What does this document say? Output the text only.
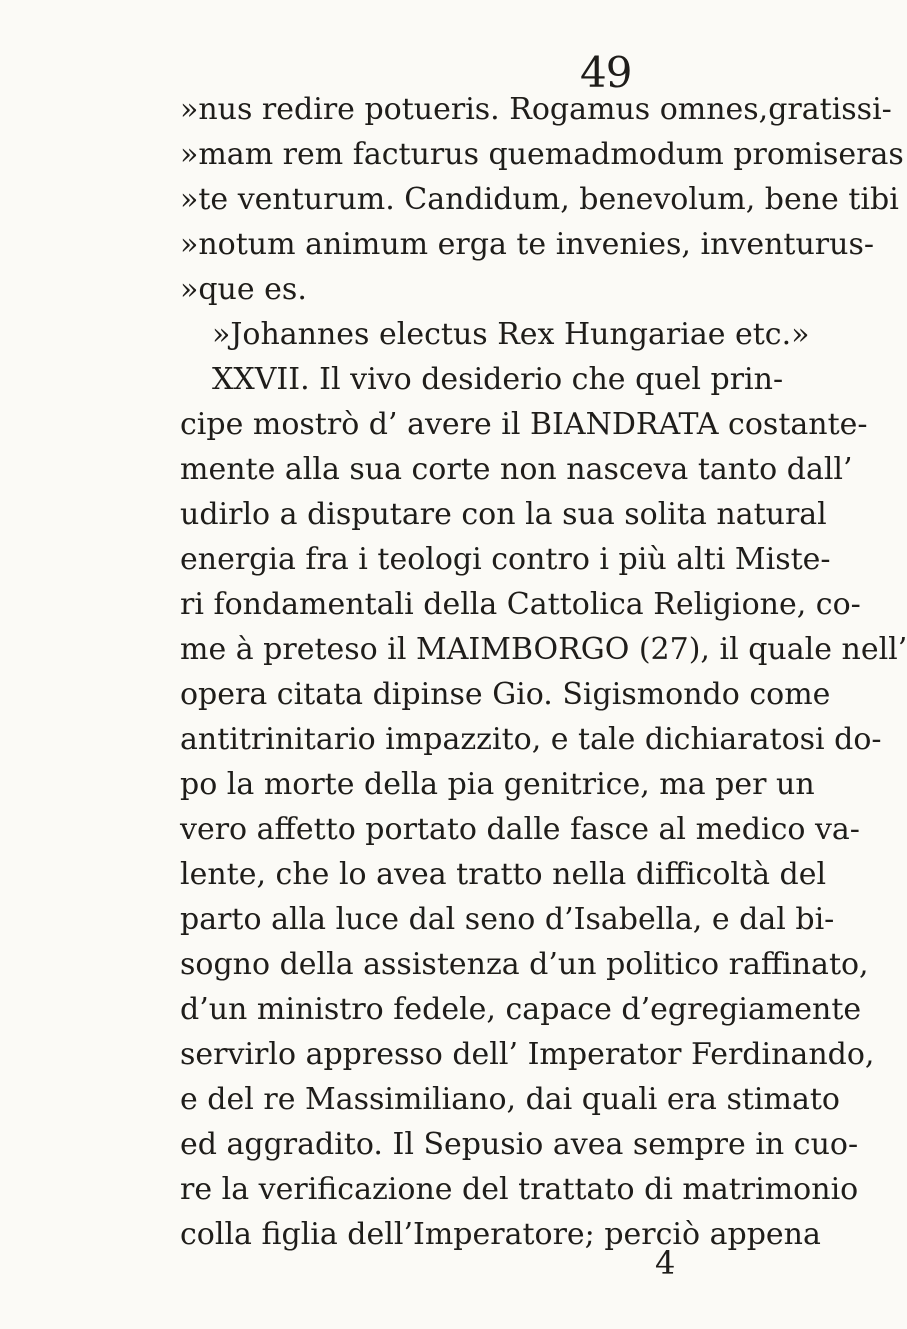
49
»nus redire potueris. Rogamus omnes,gratissi-
»mam rem facturus quemadmodum promiseras
»te venturum. Candidum, benevolum, bene tibi
»notum animum erga te invenies, inventurus-
»que es.
»Johannes electus Rex Hungariae etc.»
XXVII. Il vivo desiderio che quel prin-
cipe mostrò d’ avere il BIANDRATA costante-
mente alla sua corte non nasceva tanto dall’
udirlo a disputare con la sua solita natural
energia fra i teologi contro i più alti Miste-
ri fondamentali della Cattolica Religione, co-
me à preteso il MAIMBORGO (27), il quale nell’
opera citata dipinse Gio. Sigismondo come
antitrinitario impazzito, e tale dichiaratosi do-
po la morte della pia genitrice, ma per un
vero affetto portato dalle fasce al medico va-
lente, che lo avea tratto nella difficoltà del
parto alla luce dal seno d’Isabella, e dal bi-
sogno della assistenza d’un politico raffinato,
d’un ministro fedele, capace d’egregiamente
servirlo appresso dell’ Imperator Ferdinando,
e del re Massimiliano, dai quali era stimato
ed aggradito. Il Sepusio avea sempre in cuo-
re la verificazione del trattato di matrimonio
colla figlia dell’Imperatore; perciò appena
4
